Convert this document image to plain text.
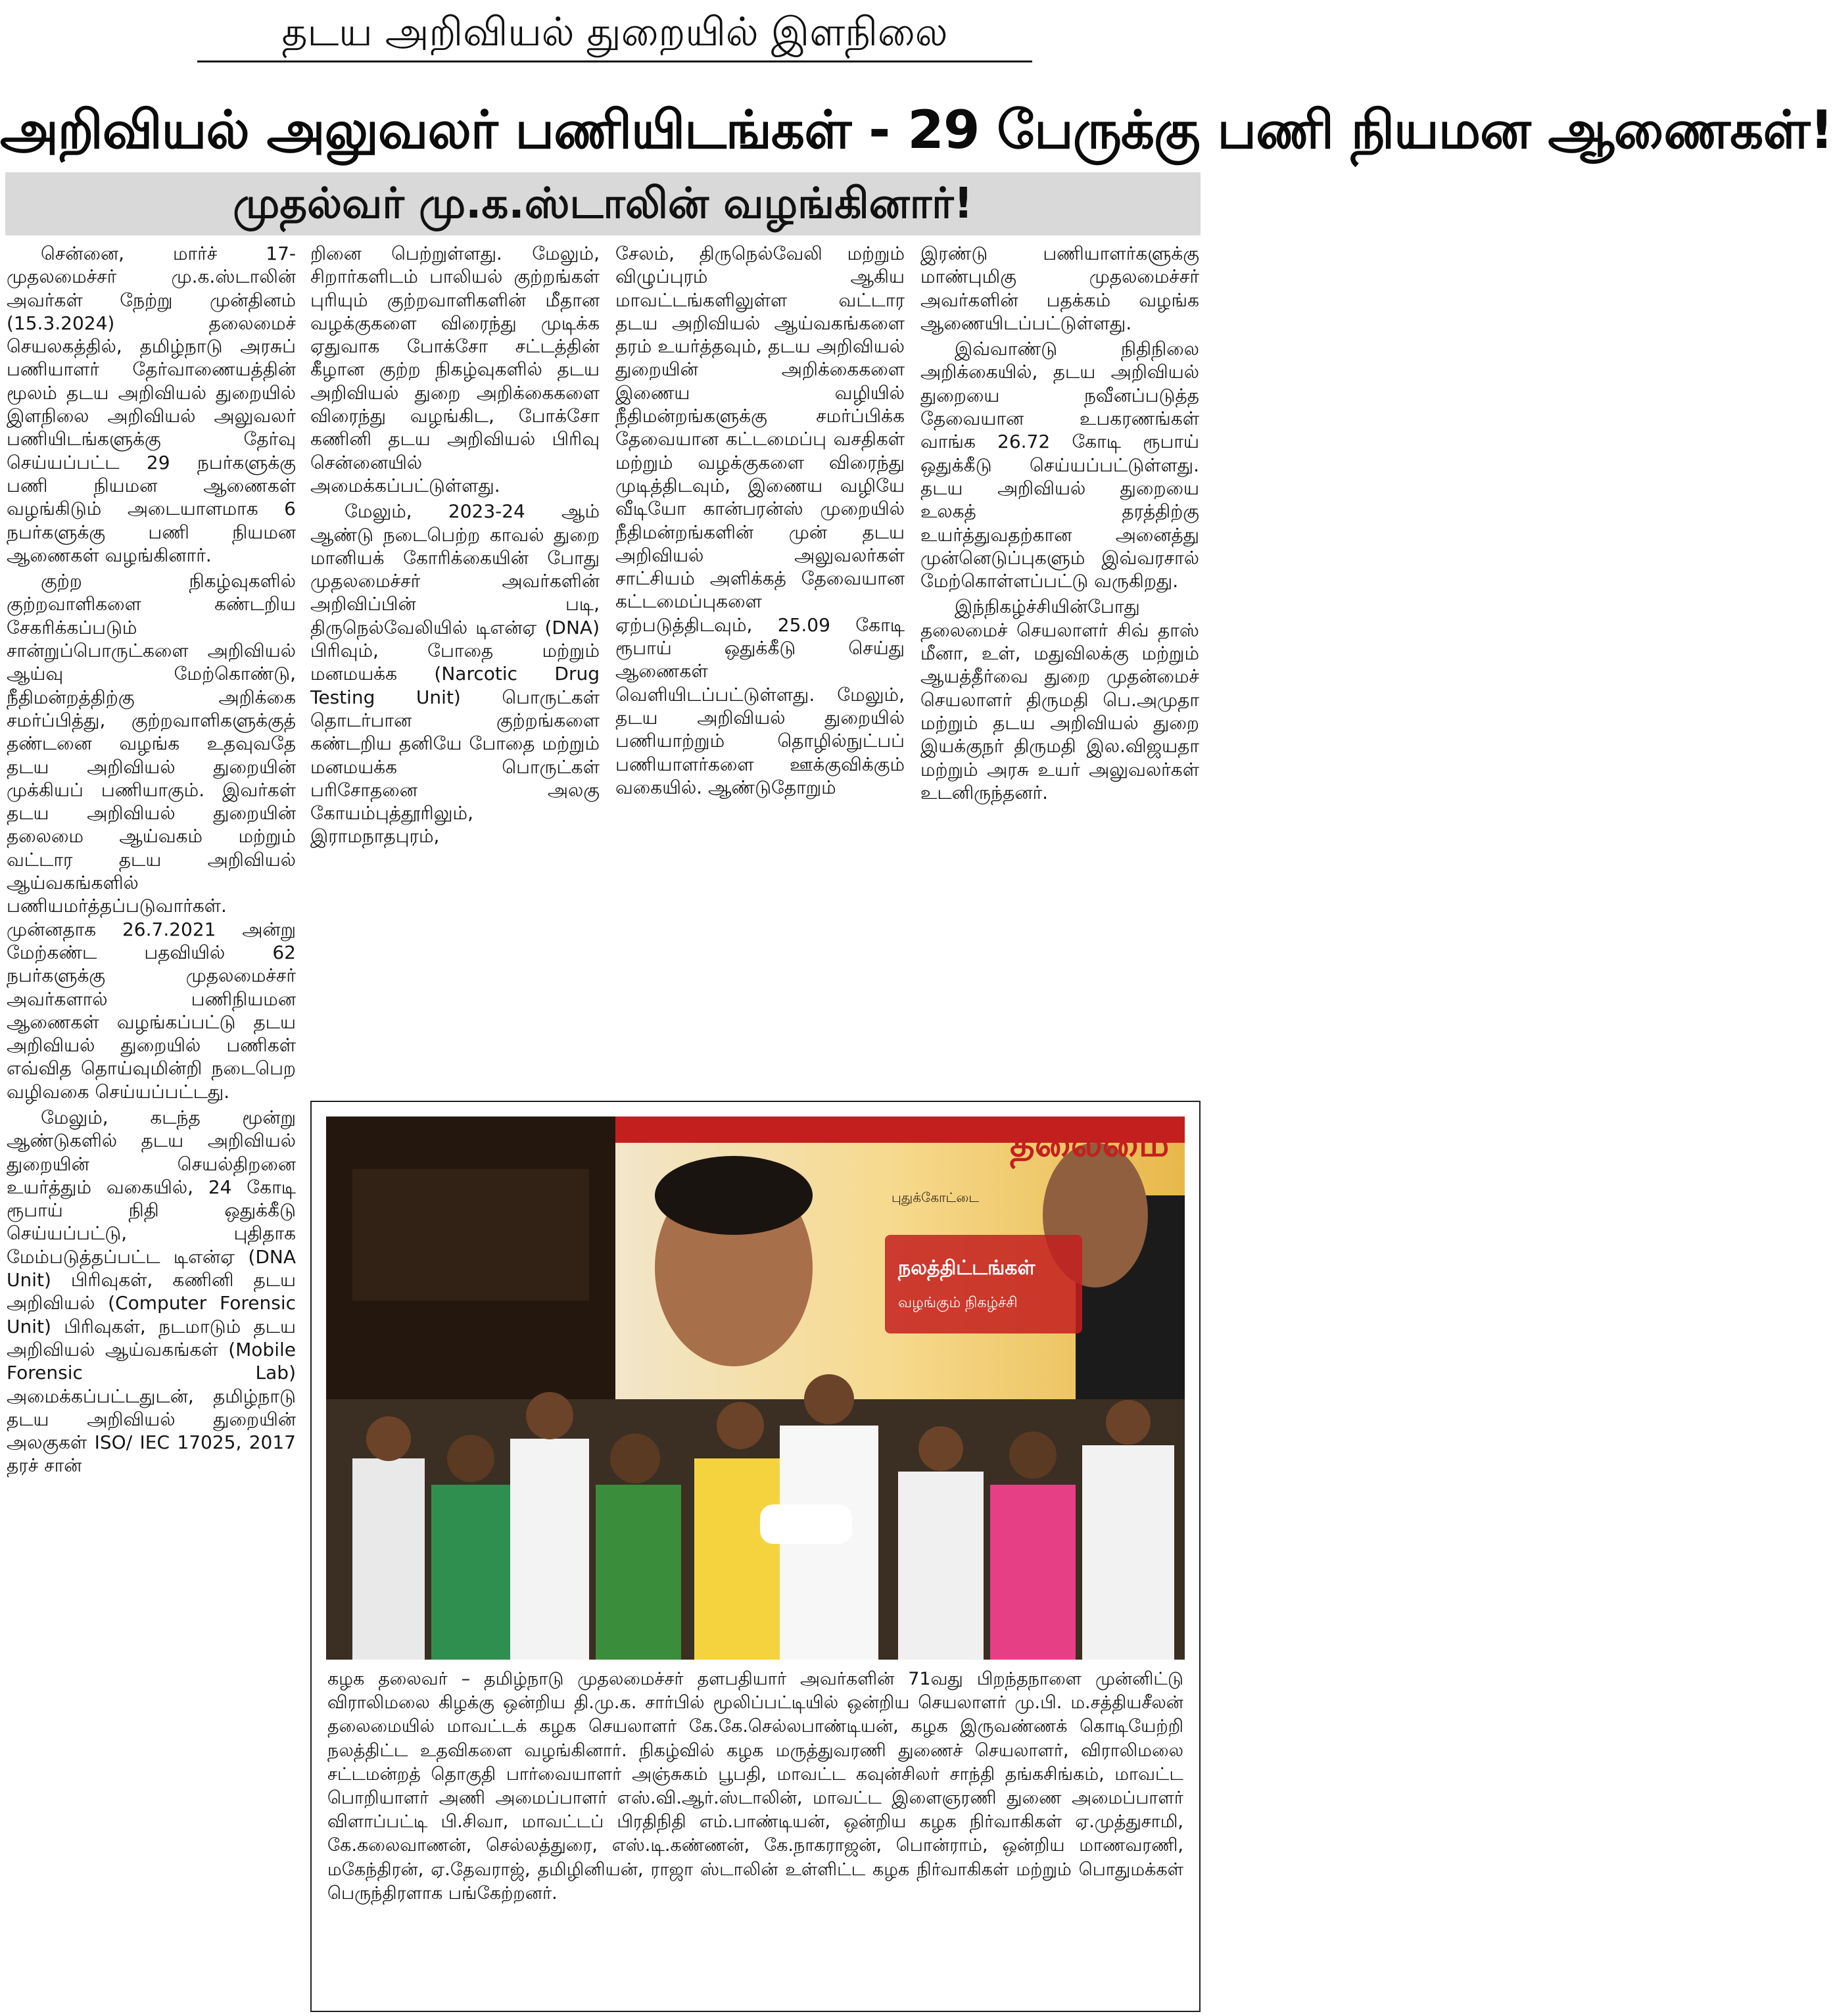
தடய அறிவியல் துறையில் இளநிலை
அறிவியல் அலுவலர் பணியிடங்கள் - 29 பேருக்கு பணி நியமன ஆணைகள்!
முதல்வர் மு.க.ஸ்டாலின் வழங்கினார்!

சென்னை, மார்ச் 17- முதலமைச்சர் மு.க.ஸ்டாலின் அவர்கள் நேற்று முன்தினம் (15.3.2024) தலைமைச் செயலகத்தில், தமிழ்நாடு அரசுப் பணியாளர் தேர்வாணையத்தின் மூலம் தடய அறிவியல் துறையில் இளநிலை அறிவியல் அலுவலர் பணியிடங்களுக்கு தேர்வு செய்யப்பட்ட 29 நபர்களுக்கு பணி நியமன ஆணைகள் வழங்கிடும் அடையாளமாக 6 நபர்களுக்கு பணி நியமன ஆணைகள் வழங்கினார்.

குற்ற நிகழ்வுகளில் குற்றவாளிகளை கண்டறிய சேகரிக்கப்படும் சான்றுப்பொருட்களை அறிவியல் ஆய்வு மேற்கொண்டு, நீதிமன்றத்திற்கு அறிக்கை சமர்ப்பித்து, குற்றவாளிகளுக்குத் தண்டனை வழங்க உதவுவதே தடய அறிவியல் துறையின் முக்கியப் பணியாகும். இவர்கள் தடய அறிவியல் துறையின் தலைமை ஆய்வகம் மற்றும் வட்டார தடய அறிவியல் ஆய்வகங்களில் பணியமர்த்தப்படுவார்கள். முன்னதாக 26.7.2021 அன்று மேற்கண்ட பதவியில் 62 நபர்களுக்கு முதலமைச்சர் அவர்களால் பணிநியமன ஆணைகள் வழங்கப்பட்டு தடய அறிவியல் துறையில் பணிகள் எவ்வித தொய்வுமின்றி நடைபெற வழிவகை செய்யப்பட்டது.

மேலும், கடந்த மூன்று ஆண்டுகளில் தடய அறிவியல் துறையின் செயல்திறனை உயர்த்தும் வகையில், 24 கோடி ரூபாய் நிதி ஒதுக்கீடு செய்யப்பட்டு, புதிதாக மேம்படுத்தப்பட்ட டிஎன்ஏ (DNA Unit) பிரிவுகள், கணினி தடய அறிவியல் (Computer Forensic Unit) பிரிவுகள், நடமாடும் தடய அறிவியல் ஆய்வகங்கள் (Mobile Forensic Lab) அமைக்கப்பட்டதுடன், தமிழ்நாடு தடய அறிவியல் துறையின் அலகுகள் ISO/ IEC 17025, 2017 தரச் சான்

றினை பெற்றுள்ளது. மேலும், சிறார்களிடம் பாலியல் குற்றங்கள் புரியும் குற்றவாளிகளின் மீதான வழக்குகளை விரைந்து முடிக்க ஏதுவாக போக்சோ சட்டத்தின் கீழான குற்ற நிகழ்வுகளில் தடய அறிவியல் துறை அறிக்கைகளை விரைந்து வழங்கிட, போக்சோ கணினி தடய அறிவியல் பிரிவு சென்னையில் அமைக்கப்பட்டுள்ளது.

மேலும், 2023-24 ஆம் ஆண்டு நடைபெற்ற காவல் துறை மானியக் கோரிக்கையின் போது முதலமைச்சர் அவர்களின் அறிவிப்பின் படி, திருநெல்வேலியில் டிஎன்ஏ (DNA) பிரிவும், போதை மற்றும் மனமயக்க (Narcotic Drug Testing Unit) பொருட்கள் தொடர்பான குற்றங்களை கண்டறிய தனியே போதை மற்றும் மனமயக்க பொருட்கள் பரிசோதனை அலகு கோயம்புத்தூரிலும், இராமநாதபுரம்,

சேலம், திருநெல்வேலி மற்றும் விழுப்புரம் ஆகிய மாவட்டங்களிலுள்ள வட்டார தடய அறிவியல் ஆய்வகங்களை தரம் உயர்த்தவும், தடய அறிவியல் துறையின் அறிக்கைகளை இணைய வழியில் நீதிமன்றங்களுக்கு சமர்ப்பிக்க தேவையான கட்டமைப்பு வசதிகள் மற்றும் வழக்குகளை விரைந்து முடித்திடவும், இணைய வழியே வீடியோ கான்பரன்ஸ் முறையில் நீதிமன்றங்களின் முன் தடய அறிவியல் அலுவலர்கள் சாட்சியம் அளிக்கத் தேவையான கட்டமைப்புகளை ஏற்படுத்திடவும், 25.09 கோடி ரூபாய் ஒதுக்கீடு செய்து ஆணைகள் வெளியிடப்பட்டுள்ளது. மேலும், தடய அறிவியல் துறையில் பணியாற்றும் தொழில்நுட்பப் பணியாளர்களை ஊக்குவிக்கும் வகையில். ஆண்டுதோறும்

இரண்டு பணியாளர்களுக்கு மாண்புமிகு முதலமைச்சர் அவர்களின் பதக்கம் வழங்க ஆணையிடப்பட்டுள்ளது.

இவ்வாண்டு நிதிநிலை அறிக்கையில், தடய அறிவியல் துறையை நவீனப்படுத்த தேவையான உபகரணங்கள் வாங்க 26.72 கோடி ரூபாய் ஒதுக்கீடு செய்யப்பட்டுள்ளது. தடய அறிவியல் துறையை உலகத் தரத்திற்கு உயர்த்துவதற்கான அனைத்து முன்னெடுப்புகளும் இவ்வரசால் மேற்கொள்ளப்பட்டு வருகிறது.

இந்நிகழ்ச்சியின்போது தலைமைச் செயலாளர் சிவ் தாஸ் மீனா, உள், மதுவிலக்கு மற்றும் ஆயத்தீர்வை துறை முதன்மைச் செயலாளர் திருமதி பெ.அமுதா மற்றும் தடய அறிவியல் துறை இயக்குநர் திருமதி இல.விஜயதா மற்றும் அரசு உயர் அலுவலர்கள் உடனிருந்தனர்.

தலைமை
புதுக்கோட்டை
நலத்திட்டங்கள்
வழங்கும் நிகழ்ச்சி

கழக தலைவர் – தமிழ்நாடு முதலமைச்சர் தளபதியார் அவர்களின் 71வது பிறந்தநாளை முன்னிட்டு விராலிமலை கிழக்கு ஒன்றிய தி.மு.க. சார்பில் மூலிப்பட்டியில் ஒன்றிய செயலாளர் மு.பி. ம.சத்தியசீலன் தலைமையில் மாவட்டக் கழக செயலாளர் கே.கே.செல்லபாண்டியன், கழக இருவண்ணக் கொடியேற்றி நலத்திட்ட உதவிகளை வழங்கினார். நிகழ்வில் கழக மருத்துவரணி துணைச் செயலாளர், விராலிமலை சட்டமன்றத் தொகுதி பார்வையாளர் அஞ்சுகம் பூபதி, மாவட்ட கவுன்சிலர் சாந்தி தங்கசிங்கம், மாவட்ட பொறியாளர் அணி அமைப்பாளர் எஸ்.வி.ஆர்.ஸ்டாலின், மாவட்ட இளைஞரணி துணை அமைப்பாளர் விளாப்பட்டி பி.சிவா, மாவட்டப் பிரதிநிதி எம்.பாண்டியன், ஒன்றிய கழக நிர்வாகிகள் ஏ.முத்துசாமி, கே.கலைவாணன், செல்லத்துரை, எஸ்.டி.கண்ணன், கே.நாகராஜன், பொன்ராம், ஒன்றிய மாணவரணி, மகேந்திரன், ஏ.தேவராஜ், தமிழினியன், ராஜா ஸ்டாலின் உள்ளிட்ட கழக நிர்வாகிகள் மற்றும் பொதுமக்கள் பெருந்திரளாக பங்கேற்றனர்.
